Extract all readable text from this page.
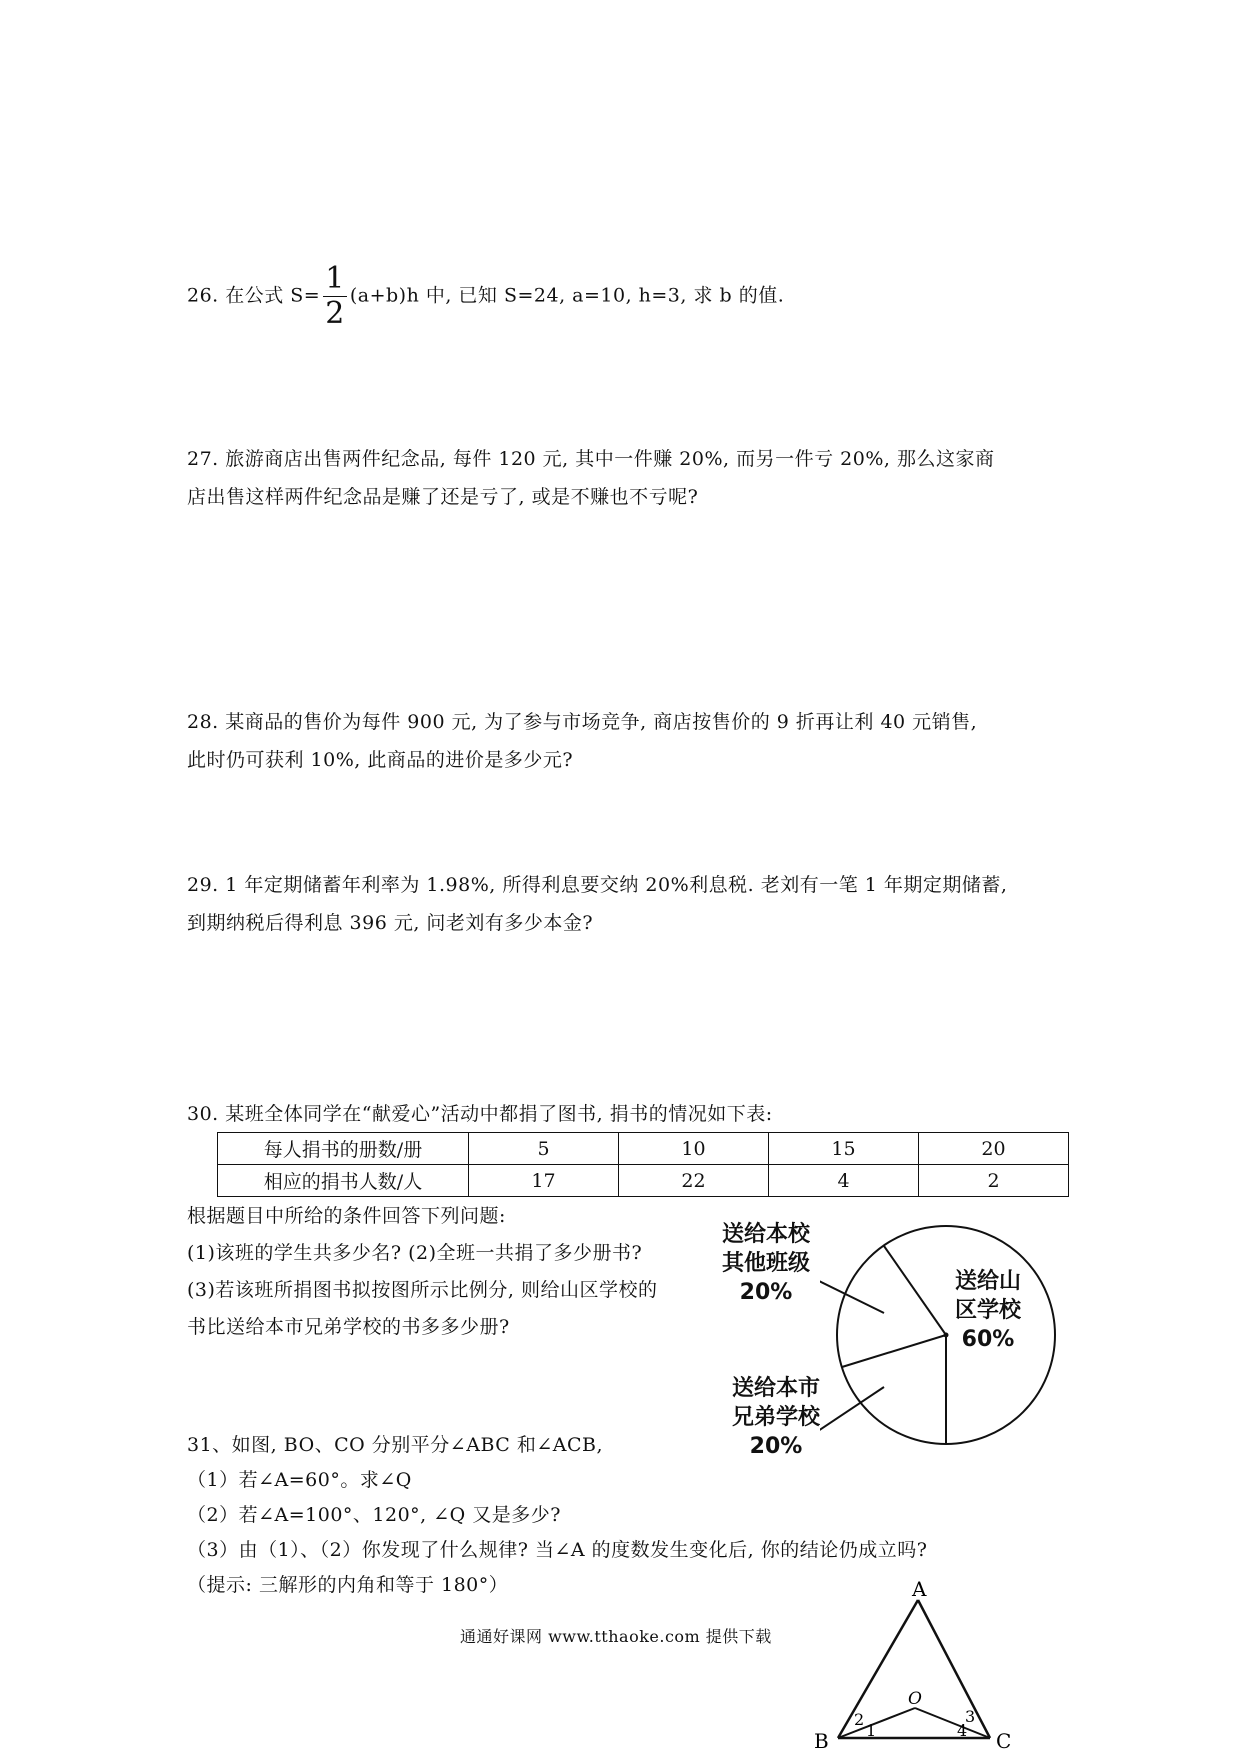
26. 在公式 $S= \frac{1}{2} (a+b)h$ 中, 已知 S=24, a=10, h=3, 求 b 的值.
27. 旅游商店出售两件纪念品, 每件 120 元, 其中一件赚 20%, 而另一件亏 20%, 那么这家商
店出售这样两件纪念品是赚了还是亏了, 或是不赚也不亏呢?
28. 某商品的售价为每件 900 元, 为了参与市场竞争, 商店按售价的 9 折再让利 40 元销售,
此时仍可获利 10%, 此商品的进价是多少元?
29. 1 年定期储蓄年利率为 1.98%, 所得利息要交纳 20%利息税. 老刘有一笔 1 年期定期储蓄,
到期纳税后得利息 396 元, 问老刘有多少本金?
30. 某班全体同学在“献爱心”活动中都捐了图书, 捐书的情况如下表:
每人捐书的册数/册	5	10	15	20
相应的捐书人数/人	17	22	4	2
根据题目中所给的条件回答下列问题:
(1)该班的学生共多少名? (2)全班一共捐了多少册书?
(3)若该班所捐图书拟按图所示比例分, 则给山区学校的
书比送给本市兄弟学校的书多多少册?
送给本校
其他班级
20%	送给山
区学校
60%
送给本市
兄弟学校
20%
31、如图, BO、CO 分别平分∠ABC 和∠ACB,
（1）若∠A=60°。求∠Q
（2）若∠A=100°、120°, ∠Q 又是多少?
（3）由（1）、（2）你发现了什么规律? 当∠A 的度数发生变化后, 你的结论仍成立吗?
（提示: 三解形的内角和等于 180°）
通通好课网 www.tthaoke.com 提供下载
A
B	C
O
1
2	3
4
